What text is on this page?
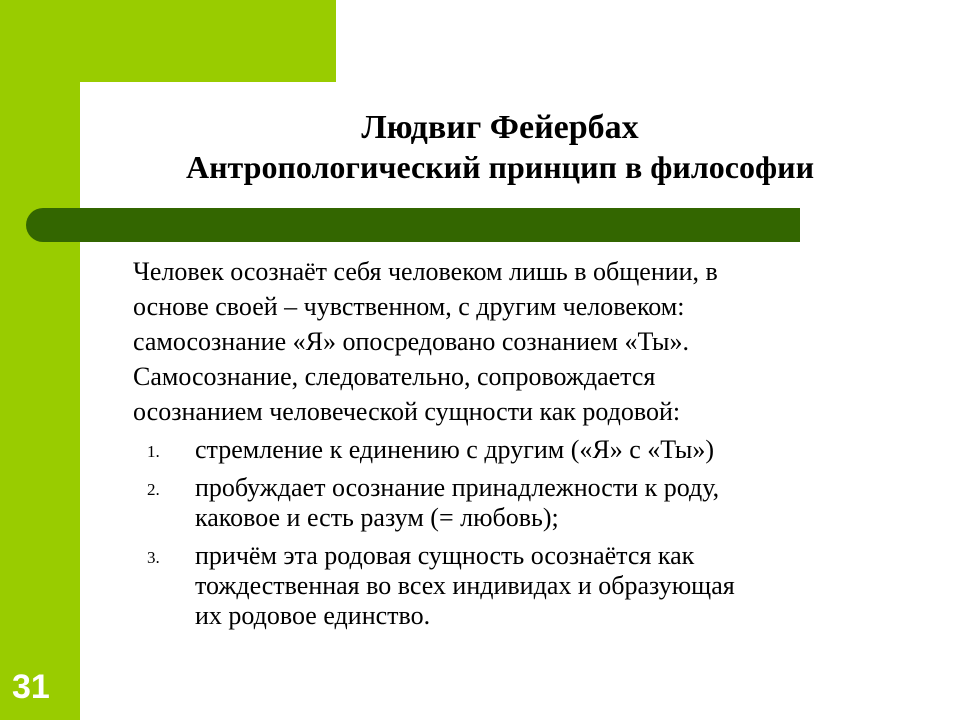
Людвиг Фейербах
Антропологический принцип в философии
Человек осознаёт себя человеком лишь в общении, в
основе своей – чувственном, с другим человеком:
самосознание «Я» опосредовано сознанием «Ты».
Самосознание, следовательно, сопровождается
осознанием человеческой сущности как родовой:
1. стремление к единению с другим («Я» с «Ты»)
2. пробуждает осознание принадлежности к роду,
каковое и есть разум (= любовь);
3. причём эта родовая сущность осознаётся как
тождественная во всех индивидах и образующая
их родовое единство.
31
